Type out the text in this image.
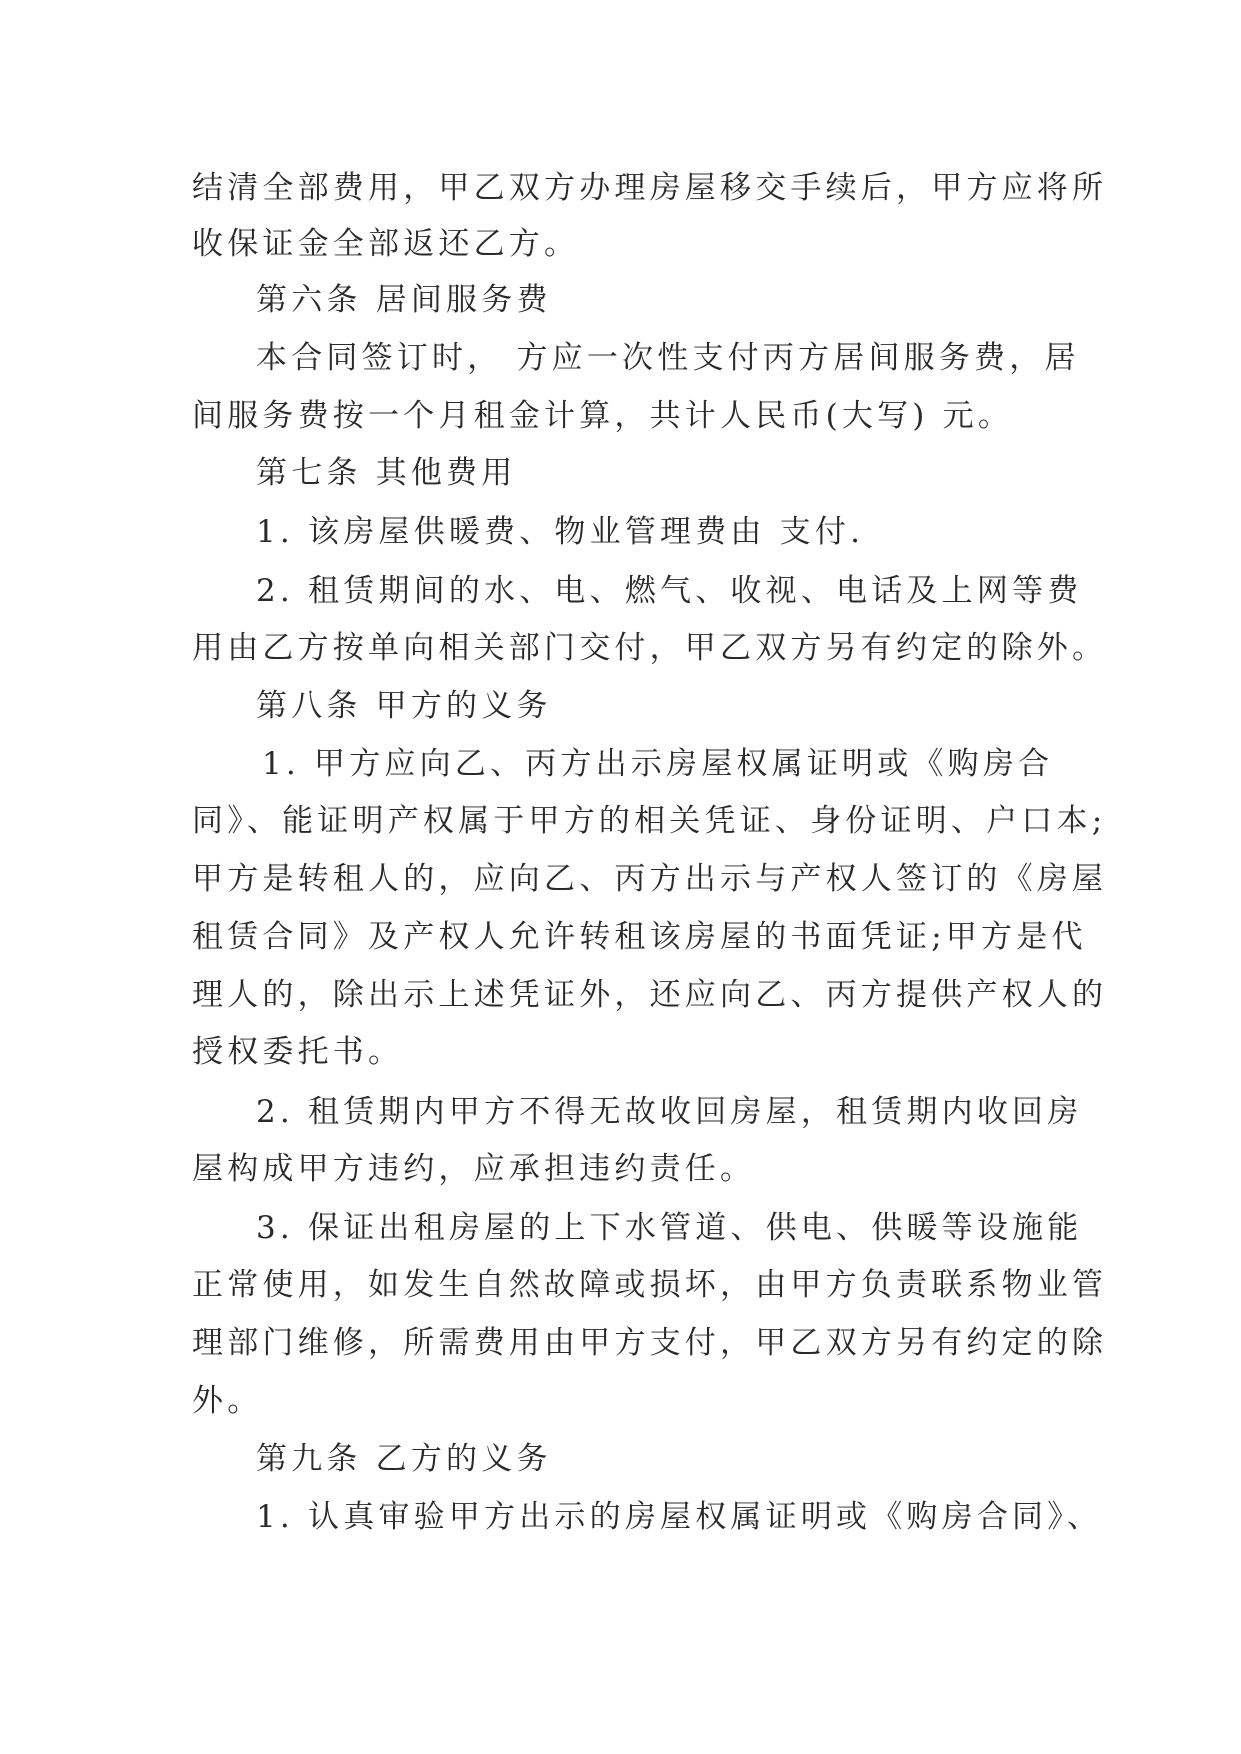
结清全部费用，甲乙双方办理房屋移交手续后，甲方应将所
收保证金全部返还乙方。
第六条 居间服务费
本合同签订时， 方应一次性支付丙方居间服务费，居
间服务费按一个月租金计算，共计人民币(大写) 元。
第七条 其他费用
1. 该房屋供暖费、物业管理费由 支付.
2. 租赁期间的水、电、燃气、收视、电话及上网等费
用由乙方按单向相关部门交付，甲乙双方另有约定的除外。
第八条 甲方的义务
1. 甲方应向乙、丙方出示房屋权属证明或《购房合
同》、能证明产权属于甲方的相关凭证、身份证明、户口本;
甲方是转租人的，应向乙、丙方出示与产权人签订的《房屋
租赁合同》及产权人允许转租该房屋的书面凭证;甲方是代
理人的，除出示上述凭证外，还应向乙、丙方提供产权人的
授权委托书。
2. 租赁期内甲方不得无故收回房屋，租赁期内收回房
屋构成甲方违约，应承担违约责任。
3. 保证出租房屋的上下水管道、供电、供暖等设施能
正常使用，如发生自然故障或损坏，由甲方负责联系物业管
理部门维修，所需费用由甲方支付，甲乙双方另有约定的除
外。
第九条 乙方的义务
1. 认真审验甲方出示的房屋权属证明或《购房合同》、
